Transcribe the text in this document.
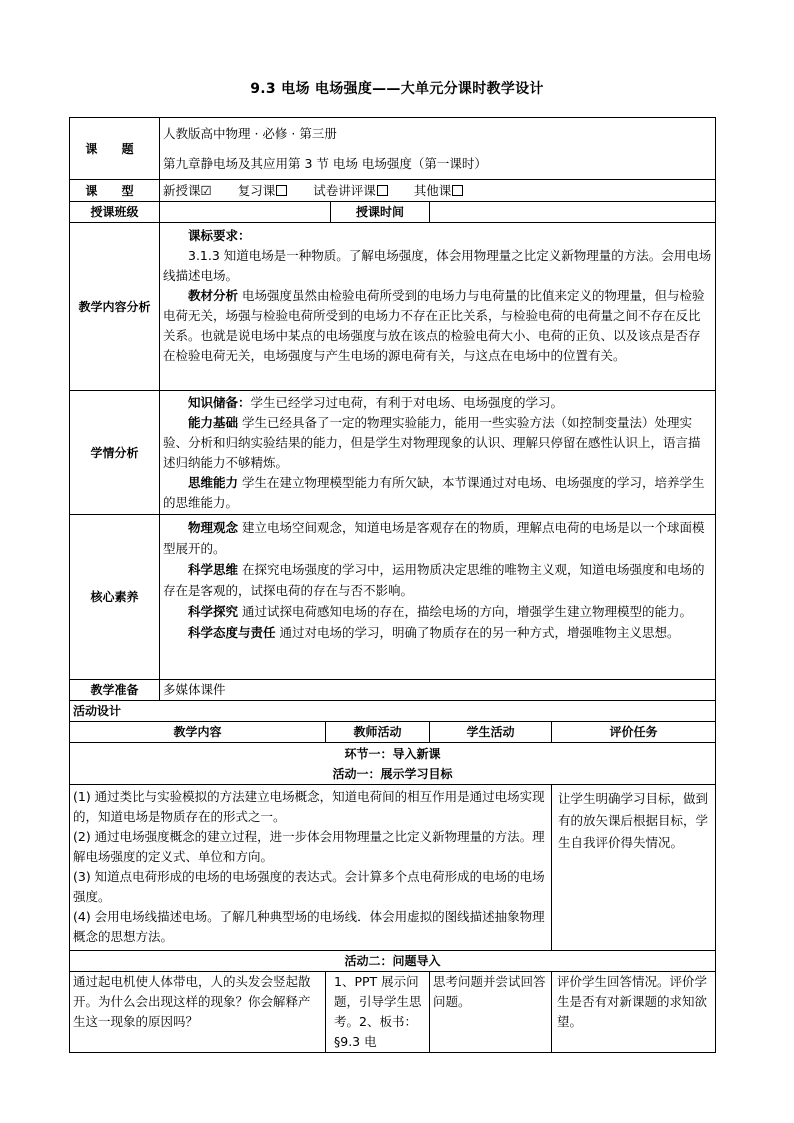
9.3 电场 电场强度——大单元分课时教学设计
课 题	人教版高中物理 · 必修 · 第三册

第九章静电场及其应用第 3 节 电场 电场强度（第一课时）				

课 型	新授课☑ 复习课 试卷讲评课 其他课				
授课班级			授课时间		
教学内容分析	课标要求：

3.1.3 知道电场是一种物质。了解电场强度，体会用物理量之比定义新物理量的方法。会用电场线描述电场。

教材分析 电场强度虽然由检验电荷所受到的电场力与电荷量的比值来定义的物理量，但与检验电荷无关，场强与检验电荷所受到的电场力不存在正比关系，与检验电荷的电荷量之间不存在反比关系。也就是说电场中某点的电场强度与放在该点的检验电荷大小、电荷的正负、以及该点是否存在检验电荷无关，电场强度与产生电场的源电荷有关，与这点在电场中的位置有关。				

学情分析	知识储备：学生已经学习过电荷，有利于对电场、电场强度的学习。

能力基础 学生已经具备了一定的物理实验能力，能用一些实验方法（如控制变量法）处理实验、分析和归纳实验结果的能力，但是学生对物理现象的认识、理解只停留在感性认识上，语言描述归纳能力不够精炼。

思维能力 学生在建立物理模型能力有所欠缺，本节课通过对电场、电场强度的学习，培养学生的思维能力。				

核心素养	物理观念 建立电场空间观念，知道电场是客观存在的物质，理解点电荷的电场是以一个球面模型展开的。

科学思维 在探究电场强度的学习中，运用物质决定思维的唯物主义观，知道电场强度和电场的存在是客观的，试探电荷的存在与否不影响。

科学探究 通过试探电荷感知电场的存在，描绘电场的方向，增强学生建立物理模型的能力。

科学态度与责任 通过对电场的学习，明确了物质存在的另一种方式，增强唯物主义思想。				

教学准备	多媒体课件				
活动设计					
教学内容		教师活动		学生活动	评价任务

环节一：导入新课
活动一：展示学习目标					

(1) 通过类比与实验模拟的方法建立电场概念，知道电荷间的相互作用是通过电场实现的，知道电场是物质存在的形式之一。

(2) 通过电场强度概念的建立过程，进一步体会用物理量之比定义新物理量的方法。理解电场强度的定义式、单位和方向。

(3) 知道点电荷形成的电场的电场强度的表达式。会计算多个点电荷形成的电场的电场强度。

(4) 会用电场线描述电场。了解几种典型场的电场线．体会用虚拟的图线描述抽象物理概念的思想方法。					让学生明确学习目标，做到有的放矢课后根据目标，学生自我评价得失情况。
活动二：问题导入					
通过起电机使人体带电，人的头发会竖起散开。为什么会出现这样的现象？你会解释产生这一现象的原因吗？		1、PPT 展示问题，引导学生思考。2、板书：§9.3 电		思考问题并尝试回答问题。	评价学生回答情况。评价学生是否有对新课题的求知欲望。
